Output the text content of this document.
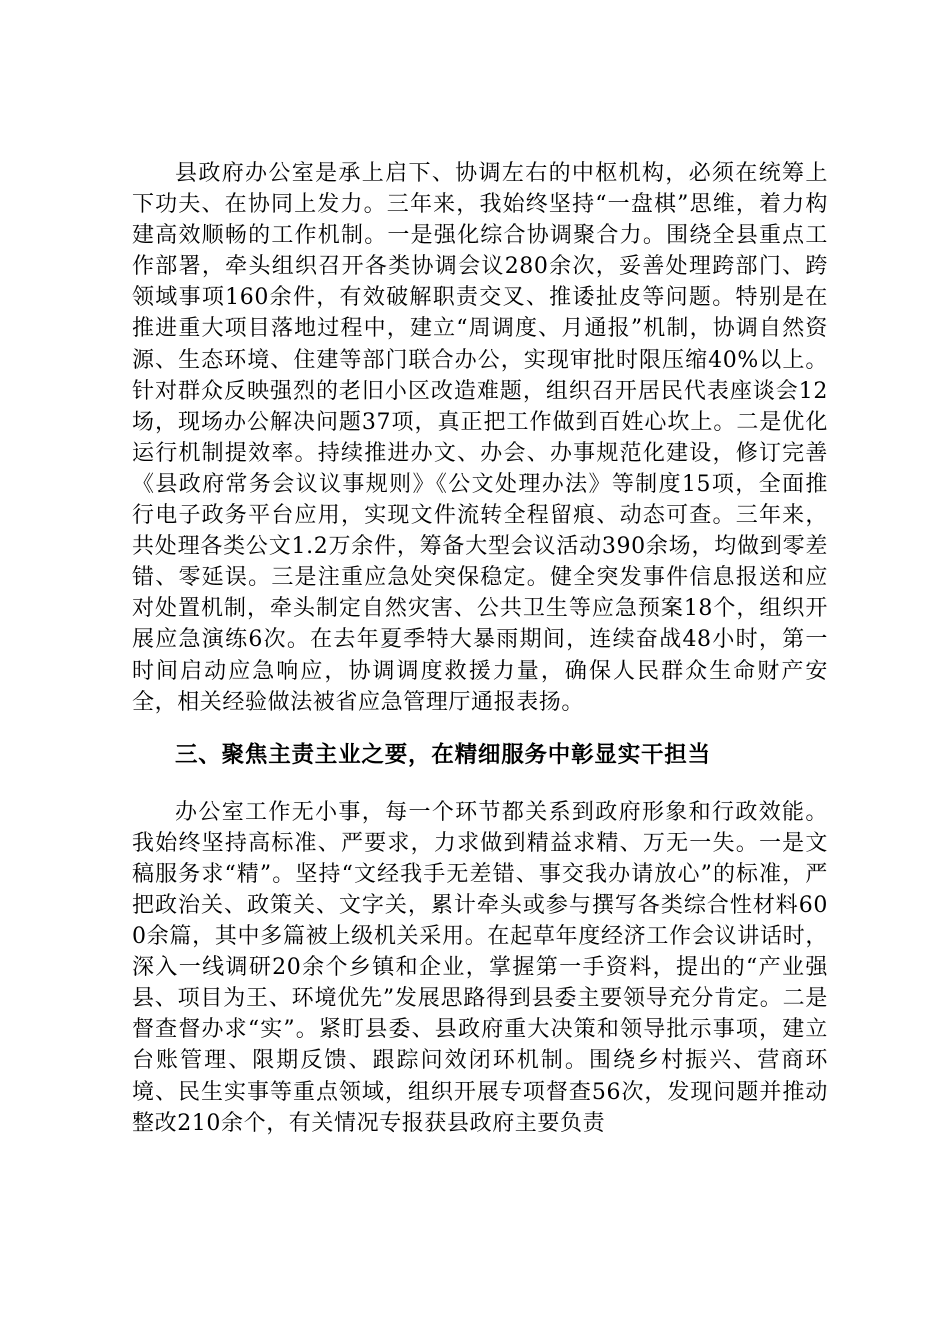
县政府办公室是承上启下、协调左右的中枢机构，必须在统筹上下功夫、在协同上发力。三年来，我始终坚持“一盘棋”思维，着力构建高效顺畅的工作机制。一是强化综合协调聚合力。围绕全县重点工作部署，牵头组织召开各类协调会议280余次，妥善处理跨部门、跨领域事项160余件，有效破解职责交叉、推诿扯皮等问题。特别是在推进重大项目落地过程中，建立“周调度、月通报”机制，协调自然资源、生态环境、住建等部门联合办公，实现审批时限压缩40%以上。针对群众反映强烈的老旧小区改造难题，组织召开居民代表座谈会12场，现场办公解决问题37项，真正把工作做到百姓心坎上。二是优化运行机制提效率。持续推进办文、办会、办事规范化建设，修订完善《县政府常务会议议事规则》《公文处理办法》等制度15项，全面推行电子政务平台应用，实现文件流转全程留痕、动态可查。三年来，共处理各类公文1.2万余件，筹备大型会议活动390余场，均做到零差错、零延误。三是注重应急处突保稳定。健全突发事件信息报送和应对处置机制，牵头制定自然灾害、公共卫生等应急预案18个，组织开展应急演练6次。在去年夏季特大暴雨期间，连续奋战48小时，第一时间启动应急响应，协调调度救援力量，确保人民群众生命财产安全，相关经验做法被省应急管理厅通报表扬。

三、聚焦主责主业之要，在精细服务中彰显实干担当

办公室工作无小事，每一个环节都关系到政府形象和行政效能。我始终坚持高标准、严要求，力求做到精益求精、万无一失。一是文稿服务求“精”。坚持“文经我手无差错、事交我办请放心”的标准，严把政治关、政策关、文字关，累计牵头或参与撰写各类综合性材料600余篇，其中多篇被上级机关采用。在起草年度经济工作会议讲话时，深入一线调研20余个乡镇和企业，掌握第一手资料，提出的“产业强县、项目为王、环境优先”发展思路得到县委主要领导充分肯定。二是督查督办求“实”。紧盯县委、县政府重大决策和领导批示事项，建立台账管理、限期反馈、跟踪问效闭环机制。围绕乡村振兴、营商环境、民生实事等重点领域，组织开展专项督查56次，发现问题并推动整改210余个，有关情况专报获县政府主要负责
